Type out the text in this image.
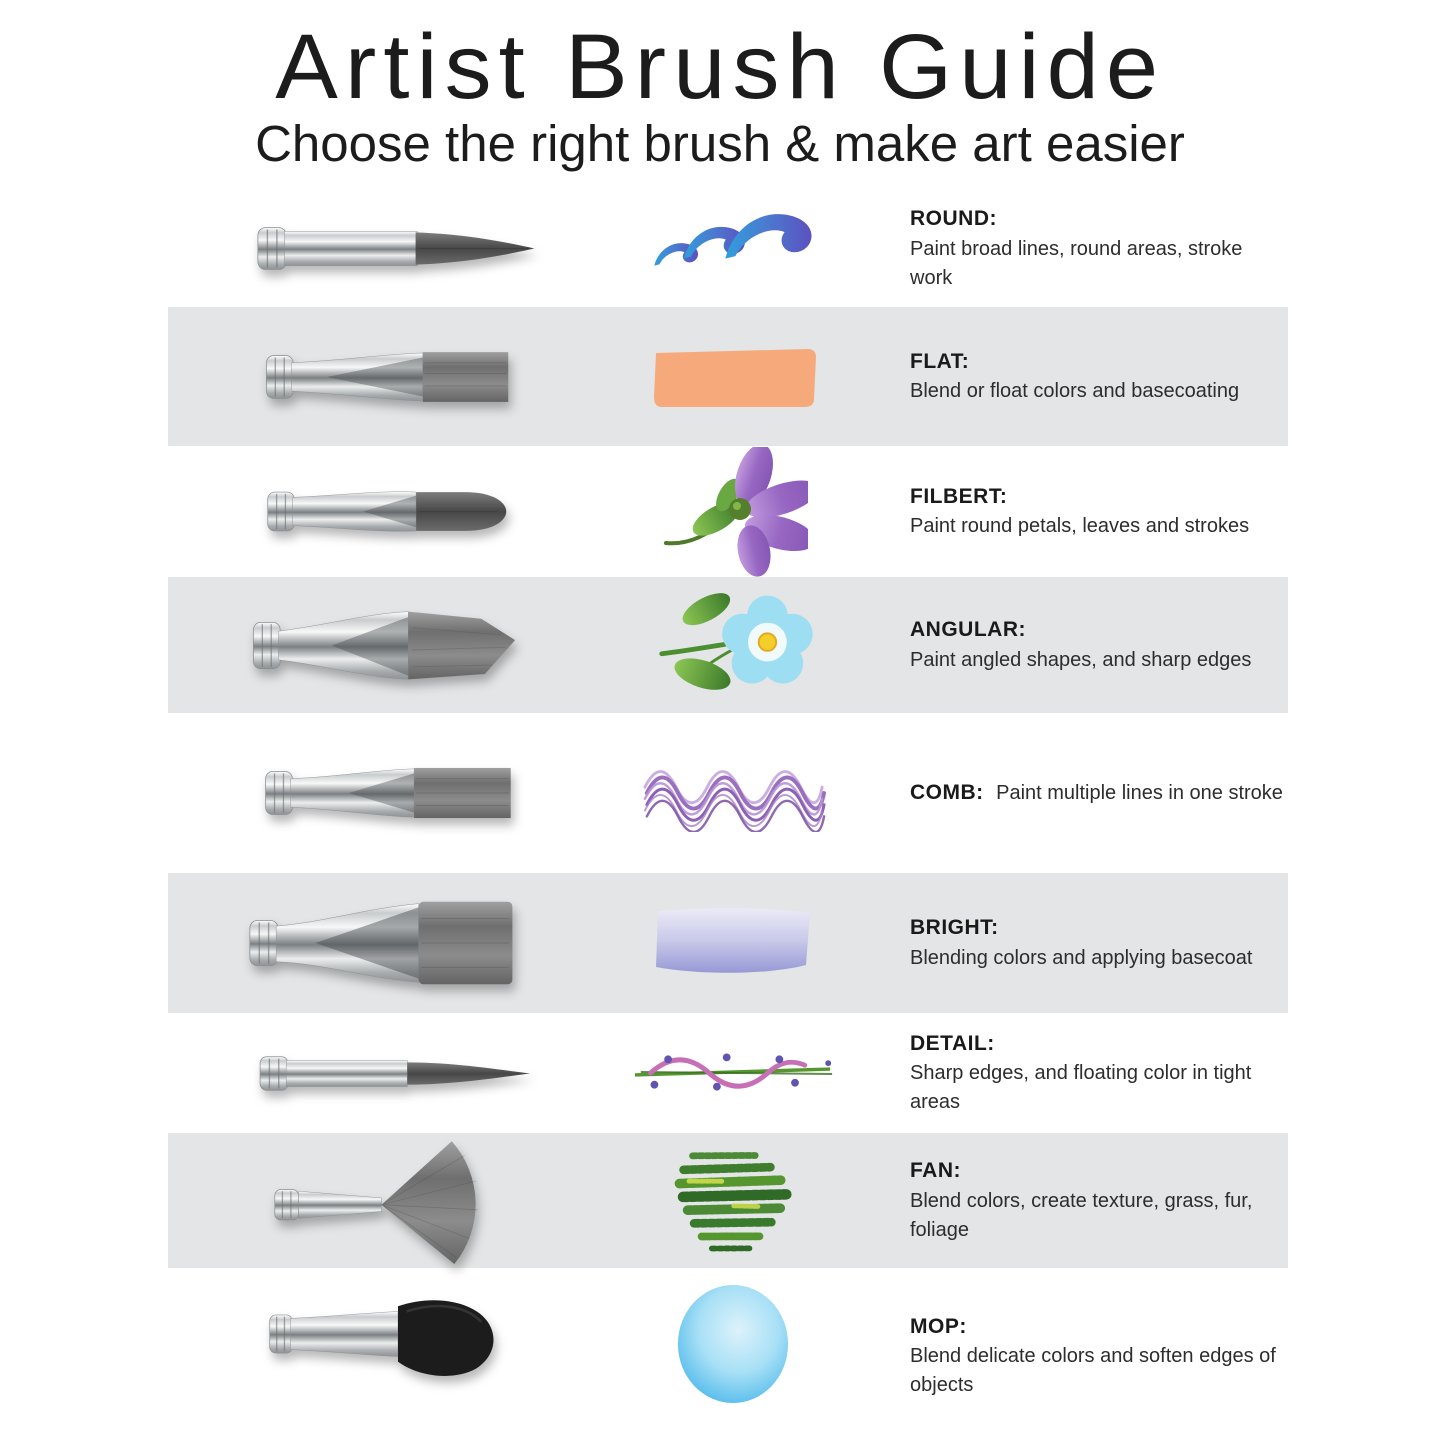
Artist Brush Guide
Choose the right brush & make art easier
ROUND:
Paint broad lines, round areas, stroke work
FLAT:
Blend or float colors and basecoating
FILBERT:
Paint round petals, leaves and strokes
ANGULAR:
Paint angled shapes, and sharp edges
COMB: Paint multiple lines in one stroke
BRIGHT:
Blending colors and applying basecoat
DETAIL:
Sharp edges, and floating color in tight areas
FAN:
Blend colors, create texture, grass, fur, foliage
MOP:
Blend delicate colors and soften edges of objects
